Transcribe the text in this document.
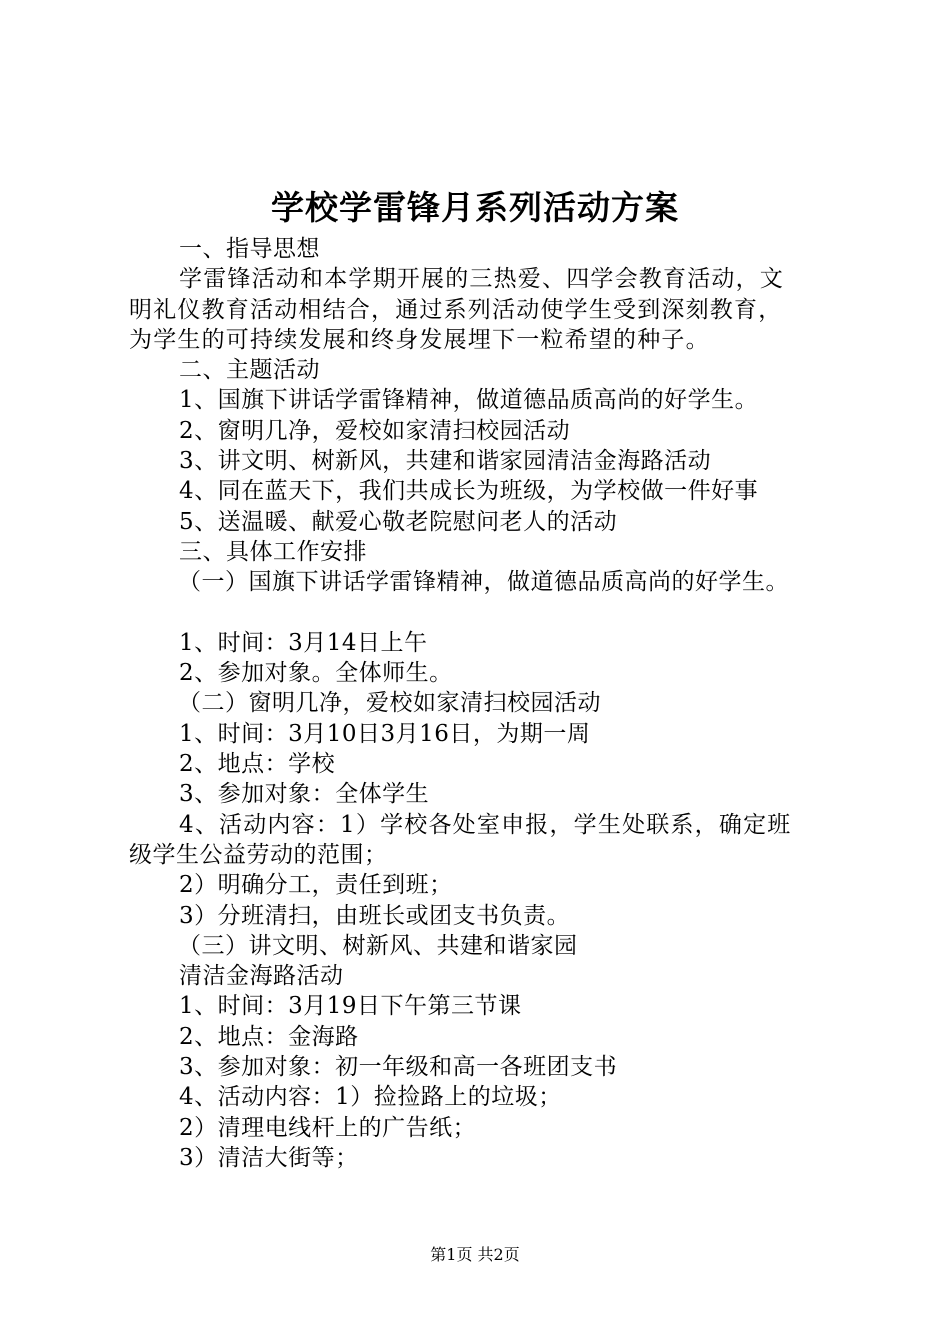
学校学雷锋月系列活动方案
一、指导思想
学雷锋活动和本学期开展的三热爱、四学会教育活动，文
明礼仪教育活动相结合，通过系列活动使学生受到深刻教育，
为学生的可持续发展和终身发展埋下一粒希望的种子。
二、主题活动
1、国旗下讲话学雷锋精神，做道德品质高尚的好学生。
2、窗明几净，爱校如家清扫校园活动
3、讲文明、树新风，共建和谐家园清洁金海路活动
4、同在蓝天下，我们共成长为班级，为学校做一件好事
5、送温暖、献爱心敬老院慰问老人的活动
三、具体工作安排
（一）国旗下讲话学雷锋精神，做道德品质高尚的好学生。
1、时间：3月14日上午
2、参加对象。全体师生。
（二）窗明几净，爱校如家清扫校园活动
1、时间：3月10日3月16日，为期一周
2、地点：学校
3、参加对象：全体学生
4、活动内容：1）学校各处室申报，学生处联系，确定班
级学生公益劳动的范围；
2）明确分工，责任到班；
3）分班清扫，由班长或团支书负责。
（三）讲文明、树新风、共建和谐家园
清洁金海路活动
1、时间：3月19日下午第三节课
2、地点：金海路
3、参加对象：初一年级和高一各班团支书
4、活动内容：1）捡捡路上的垃圾；
2）清理电线杆上的广告纸；
3）清洁大街等；
第1页 共2页
